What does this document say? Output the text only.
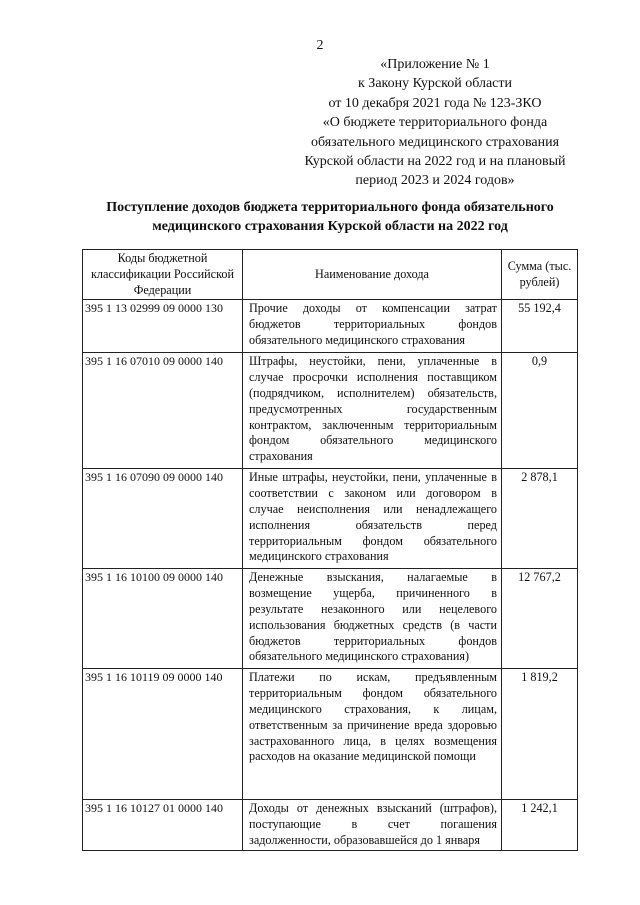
2
«Приложение № 1
к Закону Курской области
от 10 декабря 2021 года № 123-ЗКО
«О бюджете территориального фонда
обязательного медицинского страхования
Курской области на 2022 год и на плановый
период 2023 и 2024 годов»
Поступление доходов бюджета территориального фонда обязательного
медицинского страхования Курской области на 2022 год
Коды бюджетной классификации Российской Федерации	Наименование дохода	Сумма (тыс. рублей)
395 1 13 02999 09 0000 130	Прочие доходы от компенсации затрат бюджетов территориальных фондов обязательного медицинского страхования	55 192,4
395 1 16 07010 09 0000 140	Штрафы, неустойки, пени, уплаченные в случае просрочки исполнения поставщиком (подрядчиком, исполнителем) обязательств, предусмотренных государственным контрактом, заключенным территориальным фондом обязательного медицинского страхования	0,9
395 1 16 07090 09 0000 140	Иные штрафы, неустойки, пени, уплаченные в соответствии с законом или договором в случае неисполнения или ненадлежащего исполнения обязательств перед территориальным фондом обязательного медицинского страхования	2 878,1
395 1 16 10100 09 0000 140	Денежные взыскания, налагаемые в возмещение ущерба, причиненного в результате незаконного или нецелевого использования бюджетных средств (в части бюджетов территориальных фондов обязательного медицинского страхования)	12 767,2
395 1 16 10119 09 0000 140	Платежи по искам, предъявленным территориальным фондом обязательного медицинского страхования, к лицам, ответственным за причинение вреда здоровью застрахованного лица, в целях возмещения расходов на оказание медицинской помощи	1 819,2
395 1 16 10127 01 0000 140	Доходы от денежных взысканий (штрафов), поступающие в счет погашения задолженности, образовавшейся до 1 января	1 242,1
